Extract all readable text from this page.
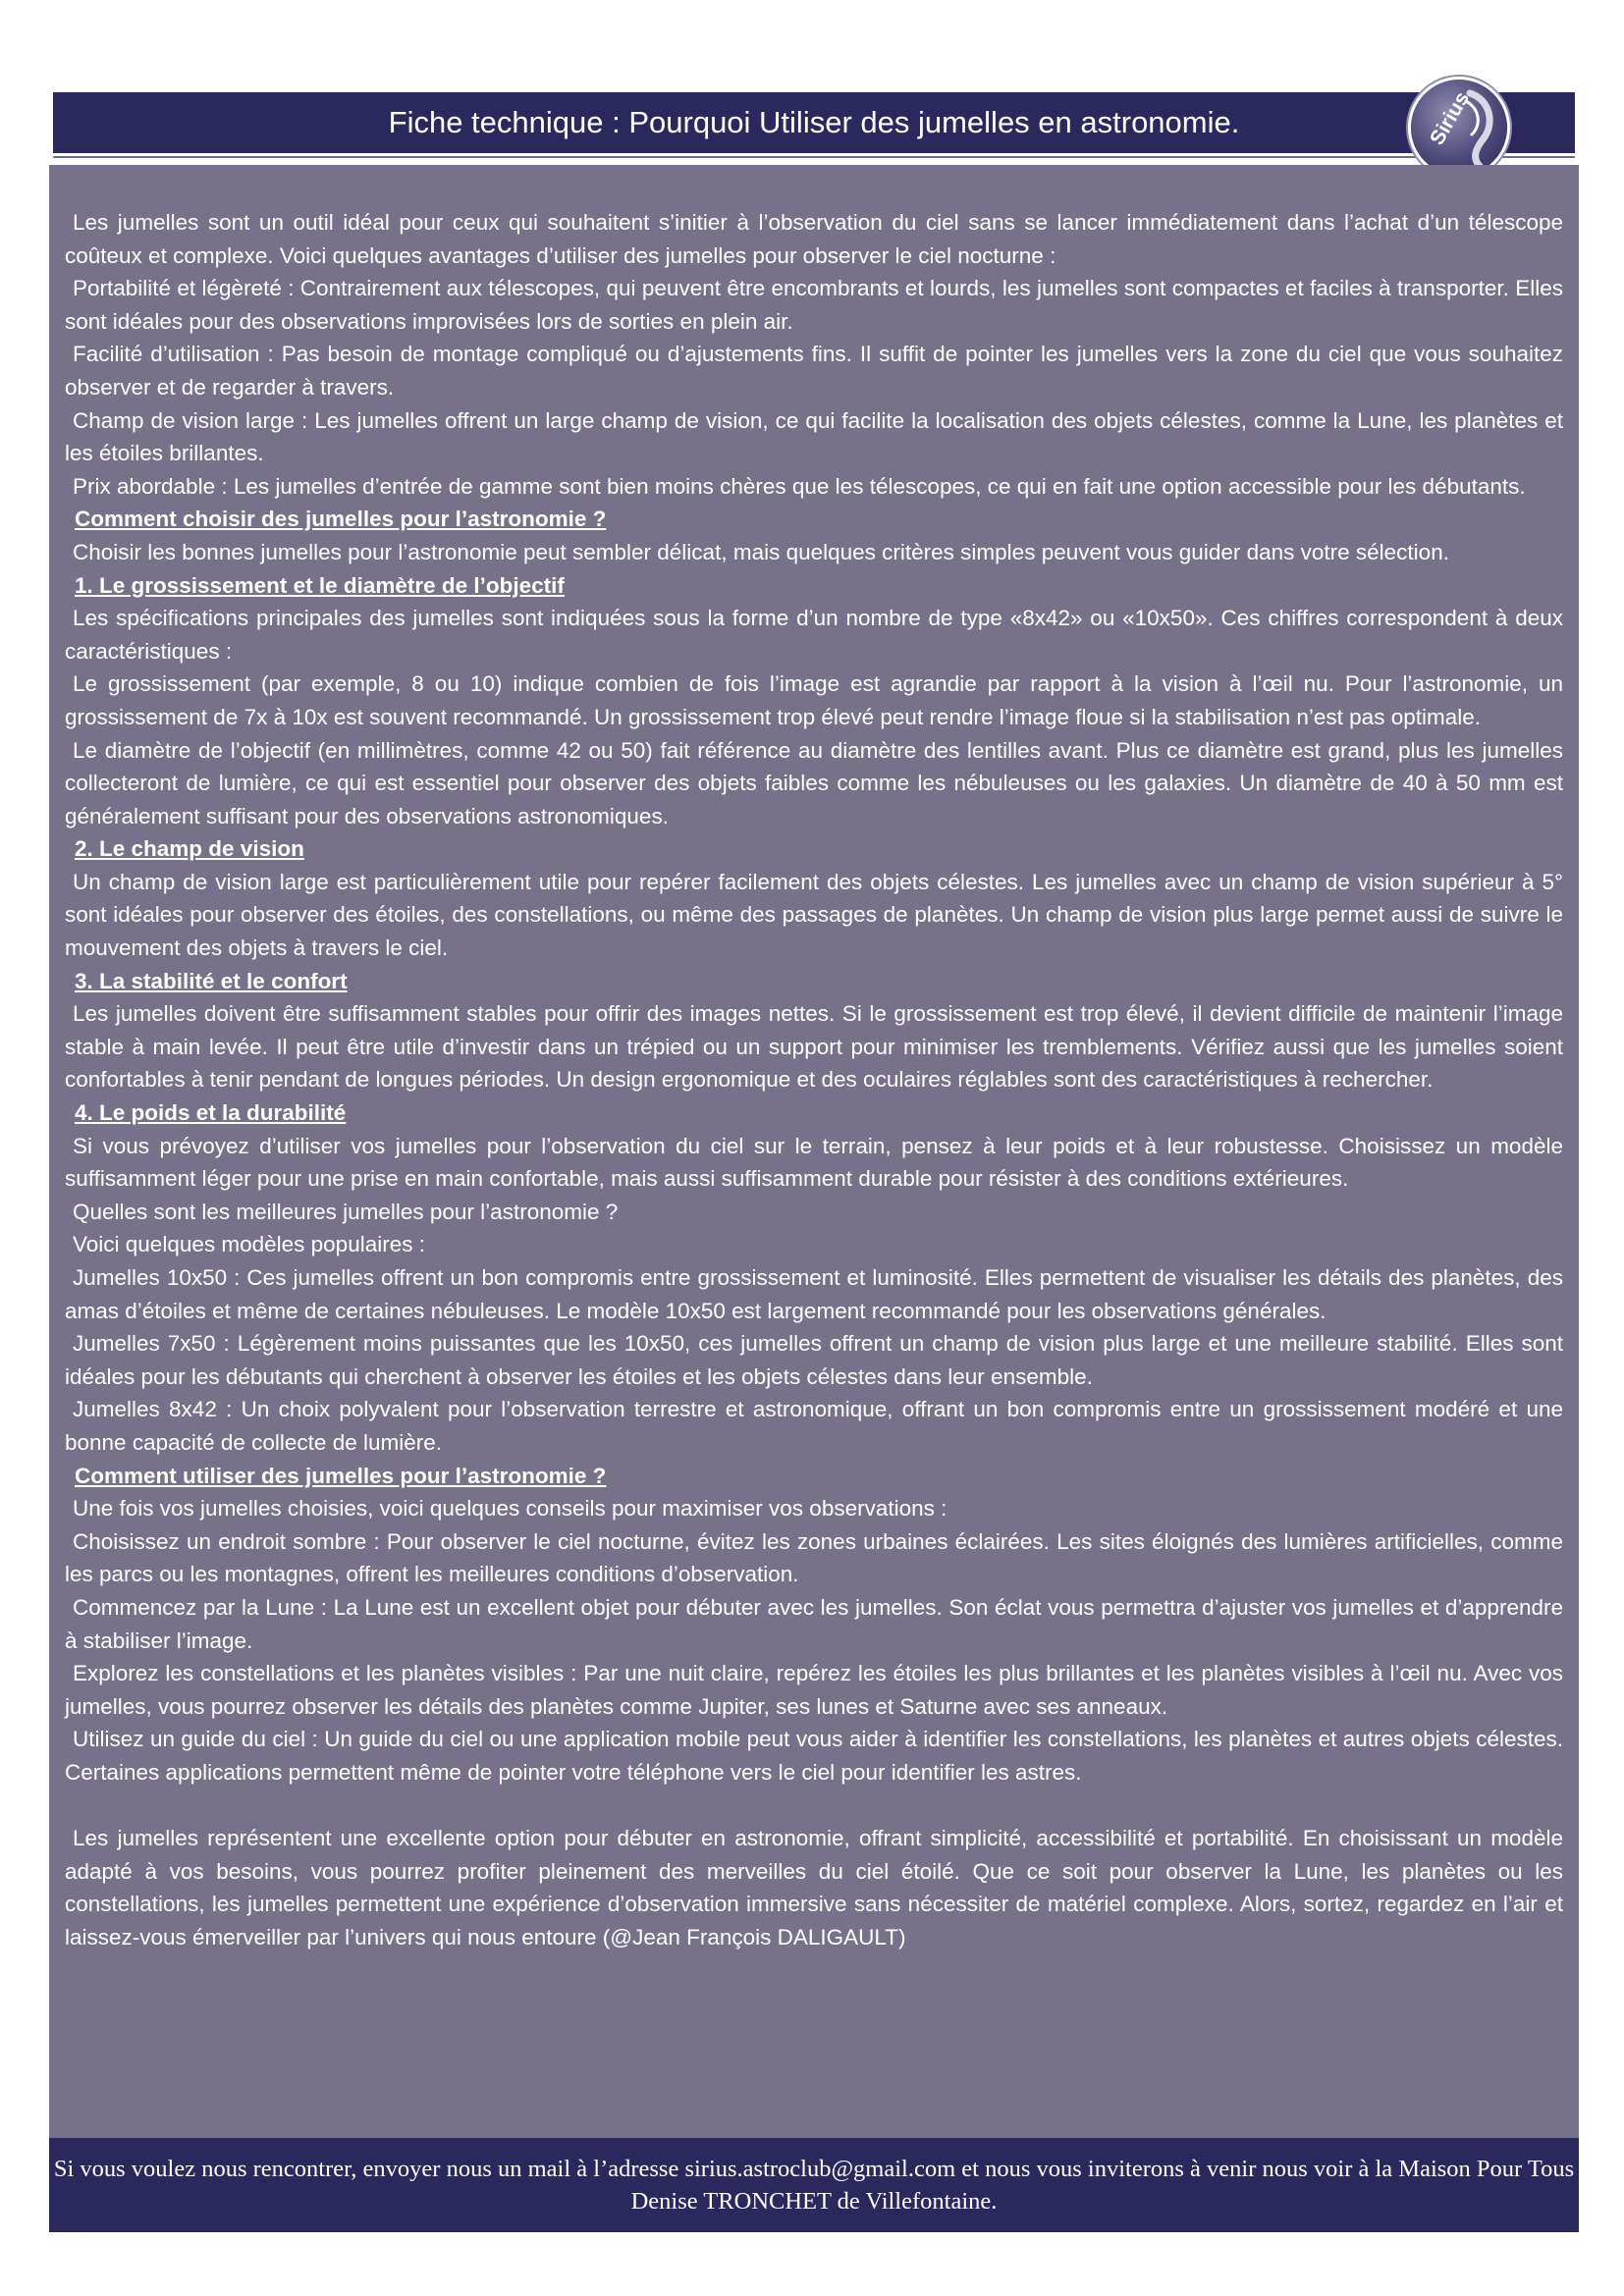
Fiche technique : Pourquoi Utiliser des jumelles en astronomie.	Sirius

Les jumelles sont un outil idéal pour ceux qui souhaitent s’initier à l’observation du ciel sans se lancer immédiatement dans l’achat d’un télescope coûteux et complexe. Voici quelques avantages d’utiliser des jumelles pour observer le ciel nocturne :

Portabilité et légèreté : Contrairement aux télescopes, qui peuvent être encombrants et lourds, les jumelles sont compactes et faciles à transporter. Elles sont idéales pour des observations improvisées lors de sorties en plein air.

Facilité d’utilisation : Pas besoin de montage compliqué ou d’ajustements fins. Il suffit de pointer les jumelles vers la zone du ciel que vous souhaitez observer et de regarder à travers.

Champ de vision large : Les jumelles offrent un large champ de vision, ce qui facilite la localisation des objets célestes, comme la Lune, les planètes et les étoiles brillantes.

Prix abordable : Les jumelles d’entrée de gamme sont bien moins chères que les télescopes, ce qui en fait une option accessible pour les débutants.

Comment choisir des jumelles pour l’astronomie ?

Choisir les bonnes jumelles pour l’astronomie peut sembler délicat, mais quelques critères simples peuvent vous guider dans votre sélection.

1. Le grossissement et le diamètre de l’objectif

Les spécifications principales des jumelles sont indiquées sous la forme d’un nombre de type «8x42» ou «10x50». Ces chiffres correspondent à deux caractéristiques :

Le grossissement (par exemple, 8 ou 10) indique combien de fois l’image est agrandie par rapport à la vision à l’œil nu. Pour l’astronomie, un grossissement de 7x à 10x est souvent recommandé. Un grossissement trop élevé peut rendre l’image floue si la stabilisation n’est pas optimale.

Le diamètre de l’objectif (en millimètres, comme 42 ou 50) fait référence au diamètre des lentilles avant. Plus ce diamètre est grand, plus les jumelles collecteront de lumière, ce qui est essentiel pour observer des objets faibles comme les nébuleuses ou les galaxies. Un diamètre de 40 à 50 mm est généralement suffisant pour des observations astronomiques.

2. Le champ de vision

Un champ de vision large est particulièrement utile pour repérer facilement des objets célestes. Les jumelles avec un champ de vision supérieur à 5° sont idéales pour observer des étoiles, des constellations, ou même des passages de planètes. Un champ de vision plus large permet aussi de suivre le mouvement des objets à travers le ciel.

3. La stabilité et le confort

Les jumelles doivent être suffisamment stables pour offrir des images nettes. Si le grossissement est trop élevé, il devient difficile de maintenir l’image stable à main levée. Il peut être utile d’investir dans un trépied ou un support pour minimiser les tremblements. Vérifiez aussi que les jumelles soient confortables à tenir pendant de longues périodes. Un design ergonomique et des oculaires réglables sont des caractéristiques à rechercher.

4. Le poids et la durabilité

Si vous prévoyez d’utiliser vos jumelles pour l’observation du ciel sur le terrain, pensez à leur poids et à leur robustesse. Choisissez un modèle suffisamment léger pour une prise en main confortable, mais aussi suffisamment durable pour résister à des conditions extérieures.

Quelles sont les meilleures jumelles pour l’astronomie ?

Voici quelques modèles populaires :

Jumelles 10x50 : Ces jumelles offrent un bon compromis entre grossissement et luminosité. Elles permettent de visualiser les détails des planètes, des amas d’étoiles et même de certaines nébuleuses. Le modèle 10x50 est largement recommandé pour les observations générales.

Jumelles 7x50 : Légèrement moins puissantes que les 10x50, ces jumelles offrent un champ de vision plus large et une meilleure stabilité. Elles sont idéales pour les débutants qui cherchent à observer les étoiles et les objets célestes dans leur ensemble.

Jumelles 8x42 : Un choix polyvalent pour l’observation terrestre et astronomique, offrant un bon compromis entre un grossissement modéré et une bonne capacité de collecte de lumière.

Comment utiliser des jumelles pour l’astronomie ?

Une fois vos jumelles choisies, voici quelques conseils pour maximiser vos observations :

Choisissez un endroit sombre : Pour observer le ciel nocturne, évitez les zones urbaines éclairées. Les sites éloignés des lumières artificielles, comme les parcs ou les montagnes, offrent les meilleures conditions d’observation.

Commencez par la Lune : La Lune est un excellent objet pour débuter avec les jumelles. Son éclat vous permettra d’ajuster vos jumelles et d’apprendre à stabiliser l’image.

Explorez les constellations et les planètes visibles : Par une nuit claire, repérez les étoiles les plus brillantes et les planètes visibles à l’œil nu. Avec vos jumelles, vous pourrez observer les détails des planètes comme Jupiter, ses lunes et Saturne avec ses anneaux.

Utilisez un guide du ciel : Un guide du ciel ou une application mobile peut vous aider à identifier les constellations, les planètes et autres objets célestes. Certaines applications permettent même de pointer votre téléphone vers le ciel pour identifier les astres.

Les jumelles représentent une excellente option pour débuter en astronomie, offrant simplicité, accessibilité et portabilité. En choisissant un modèle adapté à vos besoins, vous pourrez profiter pleinement des merveilles du ciel étoilé. Que ce soit pour observer la Lune, les planètes ou les constellations, les jumelles permettent une expérience d’observation immersive sans nécessiter de matériel complexe. Alors, sortez, regardez en l’air et laissez-vous émerveiller par l’univers qui nous entoure (@Jean François DALIGAULT)

Si vous voulez nous rencontrer, envoyer nous un mail à l’adresse sirius.astroclub@gmail.com et nous vous inviterons à venir nous voir à la Maison Pour Tous Denise TRONCHET de Villefontaine.
